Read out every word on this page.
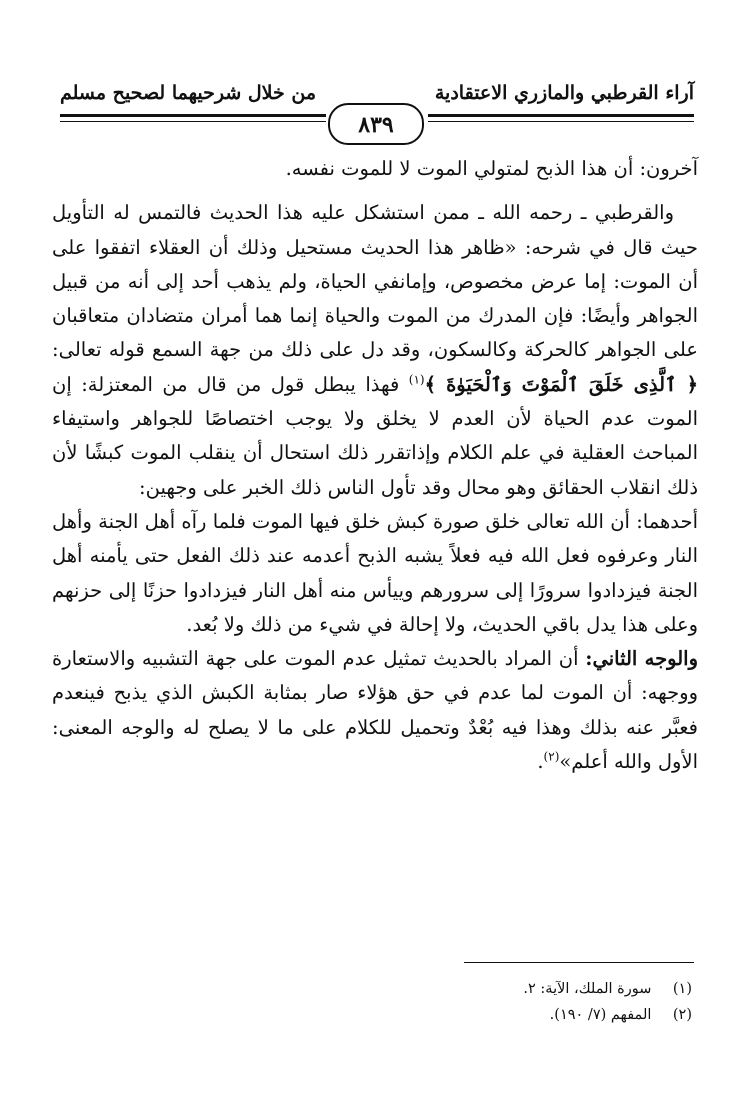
آراء القرطبي والمازري الاعتقادية
من خلال شرحيهما لصحيح مسلم
٨٣٩

آخرون: أن هذا الذبح لمتولي الموت لا للموت نفسه.

والقرطبي ـ رحمه الله ـ ممن استشكل عليه هذا الحديث فالتمس له التأويل حيث قال في شرحه: «ظاهر هذا الحديث مستحيل وذلك أن العقلاء اتفقوا على أن الموت: إما عرض مخصوص، وإمانفي الحياة، ولم يذهب أحد إلى أنه من قبيل الجواهر وأيضًا: فإن المدرك من الموت والحياة إنما هما أمران متضادان متعاقبان على الجواهر كالحركة وكالسكون، وقد دل على ذلك من جهة السمع قوله تعالى: ﴿ ٱلَّذِى خَلَقَ ٱلْمَوْتَ وَٱلْحَيَوٰةَ ﴾$^{(١)}$ فهذا يبطل قول من قال من المعتزلة: إن الموت عدم الحياة لأن العدم لا يخلق ولا يوجب اختصاصًا للجواهر واستيفاء المباحث العقلية في علم الكلام وإذاتقرر ذلك استحال أن ينقلب الموت كبشًا لأن ذلك انقلاب الحقائق وهو محال وقد تأول الناس ذلك الخبر على وجهين:

أحدهما: أن الله تعالى خلق صورة كبش خلق فيها الموت فلما رآه أهل الجنة وأهل النار وعرفوه فعل الله فيه فعلاً يشبه الذبح أعدمه عند ذلك الفعل حتى يأمنه أهل الجنة فيزدادوا سرورًا إلى سرورهم وييأس منه أهل النار فيزدادوا حزنًا إلى حزنهم وعلى هذا يدل باقي الحديث، ولا إحالة في شيء من ذلك ولا بُعد.

والوجه الثاني: أن المراد بالحديث تمثيل عدم الموت على جهة التشبيه والاستعارة ووجهه: أن الموت لما عدم في حق هؤلاء صار بمثابة الكبش الذي يذبح فينعدم فعبَّر عنه بذلك وهذا فيه بُعْدٌ وتحميل للكلام على ما لا يصلح له والوجه المعنى: الأول والله أعلم»$^{(٢)}$.

(١) سورة الملك، الآية: ٢.
(٢) المفهم (٧/ ١٩٠).
